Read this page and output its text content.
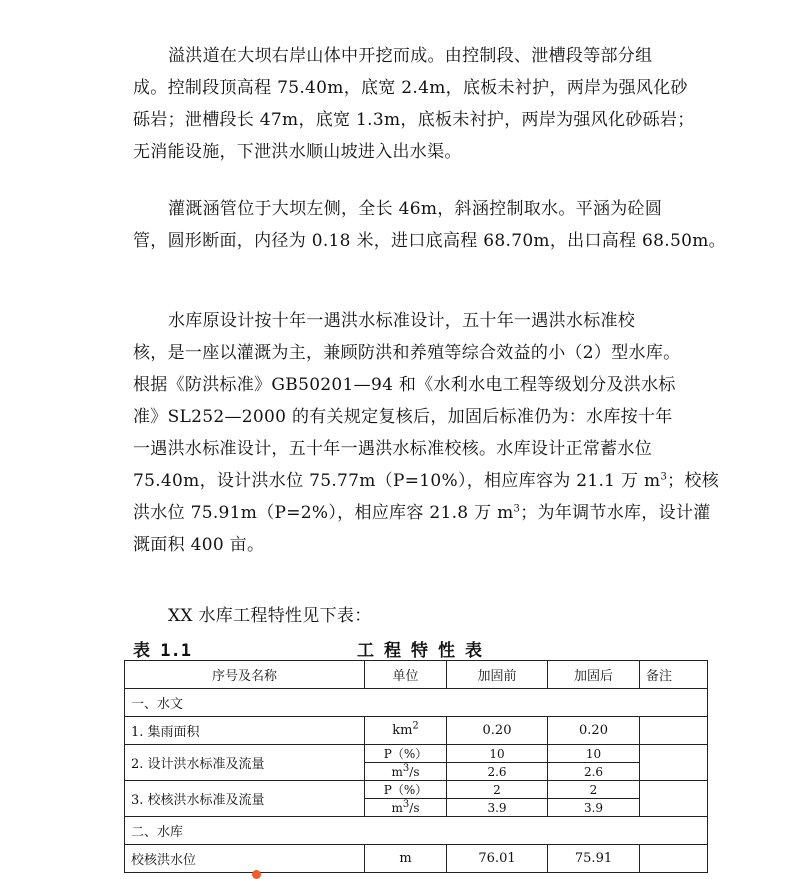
溢洪道在大坝右岸山体中开挖而成。由控制段、泄槽段等部分组
成。控制段顶高程 75.40m，底宽 2.4m，底板未衬护，两岸为强风化砂
砾岩；泄槽段长 47m，底宽 1.3m，底板未衬护，两岸为强风化砂砾岩；
无消能设施，下泄洪水顺山坡进入出水渠。

灌溉涵管位于大坝左侧，全长 46m，斜涵控制取水。平涵为砼圆
管，圆形断面，内径为 0.18 米，进口底高程 68.70m，出口高程 68.50m。

水库原设计按十年一遇洪水标准设计，五十年一遇洪水标准校
核，是一座以灌溉为主，兼顾防洪和养殖等综合效益的小（2）型水库。
根据《防洪标准》GB50201—94 和《水利水电工程等级划分及洪水标
准》SL252—2000 的有关规定复核后，加固后标准仍为：水库按十年
一遇洪水标准设计，五十年一遇洪水标准校核。水库设计正常蓄水位
75.40m，设计洪水位 75.77m（P=10%），相应库容为 21.1 万 $m^3$；校核
洪水位 75.91m（P=2%），相应库容 21.8 万 $m^3$；为年调节水库，设计灌
溉面积 400 亩。

XX 水库工程特性见下表：

表 1.1	工程特性表
序号及名称	单位	加固前	加固后	备注
一、水文				
1. 集雨面积	$km^2$	0.20	0.20	
2. 设计洪水标准及流量	P（%）	10	10	
	$m^3/s$	2.6	2.6	
3. 校核洪水标准及流量	P（%）	2	2	
	$m^3/s$	3.9	3.9	
二、水库				
校核洪水位	m	76.01	75.91	
